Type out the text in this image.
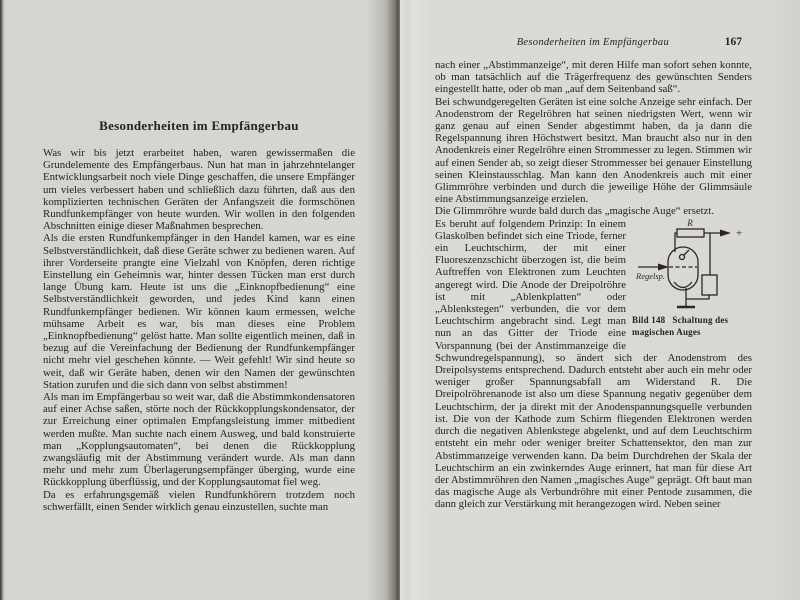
Besonderheiten im Empfängerbau

Was wir bis jetzt erarbeitet haben, waren gewissermaßen die Grundelemente des Empfängerbaus. Nun hat man in jahrzehntelanger Entwicklungsarbeit noch viele Dinge geschaffen, die unsere Empfänger um vieles verbessert haben und schließlich dazu führten, daß aus den komplizierten technischen Geräten der Anfangszeit die formschönen Rundfunkempfänger von heute wurden. Wir wollen in den folgenden Abschnitten einige dieser Maßnahmen besprechen.

Als die ersten Rundfunkempfänger in den Handel kamen, war es eine Selbstverständlichkeit, daß diese Geräte schwer zu bedienen waren. Auf ihrer Vorderseite prangte eine Vielzahl von Knöpfen, deren richtige Einstellung ein Geheimnis war, hinter dessen Tücken man erst durch lange Übung kam. Heute ist uns die „Einknopfbedienung“ eine Selbstverständlichkeit geworden, und jedes Kind kann einen Rundfunkempfänger bedienen. Wir können kaum ermessen, welche mühsame Arbeit es war, bis man dieses eine Problem „Einknopfbedienung“ gelöst hatte. Man sollte eigentlich meinen, daß in bezug auf die Vereinfachung der Bedienung der Rundfunkempfänger nicht mehr viel geschehen könnte. — Weit gefehlt! Wir sind heute so weit, daß wir Geräte haben, denen wir den Namen der gewünschten Station zurufen und die sich dann von selbst abstimmen!

Als man im Empfängerbau so weit war, daß die Abstimmkondensatoren auf einer Achse saßen, störte noch der Rückkopplungskondensator, der zur Erreichung einer optimalen Empfangsleistung immer mitbedient werden mußte. Man suchte nach einem Ausweg, und bald konstruierte man „Kopplungsautomaten“, bei denen die Rückkopplung zwangsläufig mit der Abstimmung verändert wurde. Als man dann mehr und mehr zum Überlagerungsempfänger überging, wurde eine Rückkopplung überflüssig, und der Kopplungsautomat fiel weg.

Da es erfahrungsgemäß vielen Rundfunkhörern trotzdem noch schwerfällt, einen Sender wirklich genau einzustellen, suchte man

Besonderheiten im Empfängerbau	167

nach einer „Abstimmanzeige“, mit deren Hilfe man sofort sehen konnte, ob man tatsächlich auf die Trägerfrequenz des gewünschten Senders eingestellt hatte, oder ob man „auf dem Seitenband saß“.

Bei schwundgeregelten Geräten ist eine solche Anzeige sehr einfach. Der Anodenstrom der Regelröhren hat seinen niedrigsten Wert, wenn wir ganz genau auf einen Sender abgestimmt haben, da ja dann die Regelspannung ihren Höchstwert besitzt. Man braucht also nur in den Anodenkreis einer Regelröhre einen Strommesser zu legen. Stimmen wir auf einen Sender ab, so zeigt dieser Strommesser bei genauer Einstellung seinen Kleinstausschlag. Man kann den Anodenkreis auch mit einer Glimmröhre verbinden und durch die jeweilige Höhe der Glimmsäule eine Abstimmungsanzeige erzielen.

Die Glimmröhre wurde bald durch das „magische Auge“ ersetzt.

R
+
Regelsp.
Bild 148 Schaltung des
magischen Auges
Es beruht auf folgendem Prinzip: In einem Glaskolben befindet sich eine Triode, ferner ein Leuchtschirm, der mit einer Fluoreszenzschicht überzogen ist, die beim Auftreffen von Elektronen zum Leuchten angeregt wird. Die Anode der Dreipolröhre ist mit „Ablenkplatten“ oder „Ablenkstegen“ verbunden, die vor dem Leuchtschirm angebracht sind. Legt man nun an das Gitter der Triode eine Vorspannung (bei der Anstimmanzeige die Schwundregelspannung), so ändert sich der Anodenstrom des Dreipolsystems entsprechend. Dadurch entsteht aber auch ein mehr oder weniger großer Spannungsabfall am Widerstand R. Die Dreipolröhrenanode ist also um diese Spannung negativ gegenüber dem Leuchtschirm, der ja direkt mit der Anodenspannungsquelle verbunden ist. Die von der Kathode zum Schirm fliegenden Elektronen werden durch die negativen Ablenkstege abgelenkt, und auf dem Leuchtschirm entsteht ein mehr oder weniger breiter Schattensektor, den man zur Abstimmanzeige verwenden kann. Da beim Durchdrehen der Skala der Leuchtschirm an ein zwinkerndes Auge erinnert, hat man für diese Art der Abstimmröhren den Namen „magisches Auge“ geprägt. Oft baut man das magische Auge als Verbundröhre mit einer Pentode zusammen, die dann gleich zur Verstärkung mit herangezogen wird. Neben seiner
